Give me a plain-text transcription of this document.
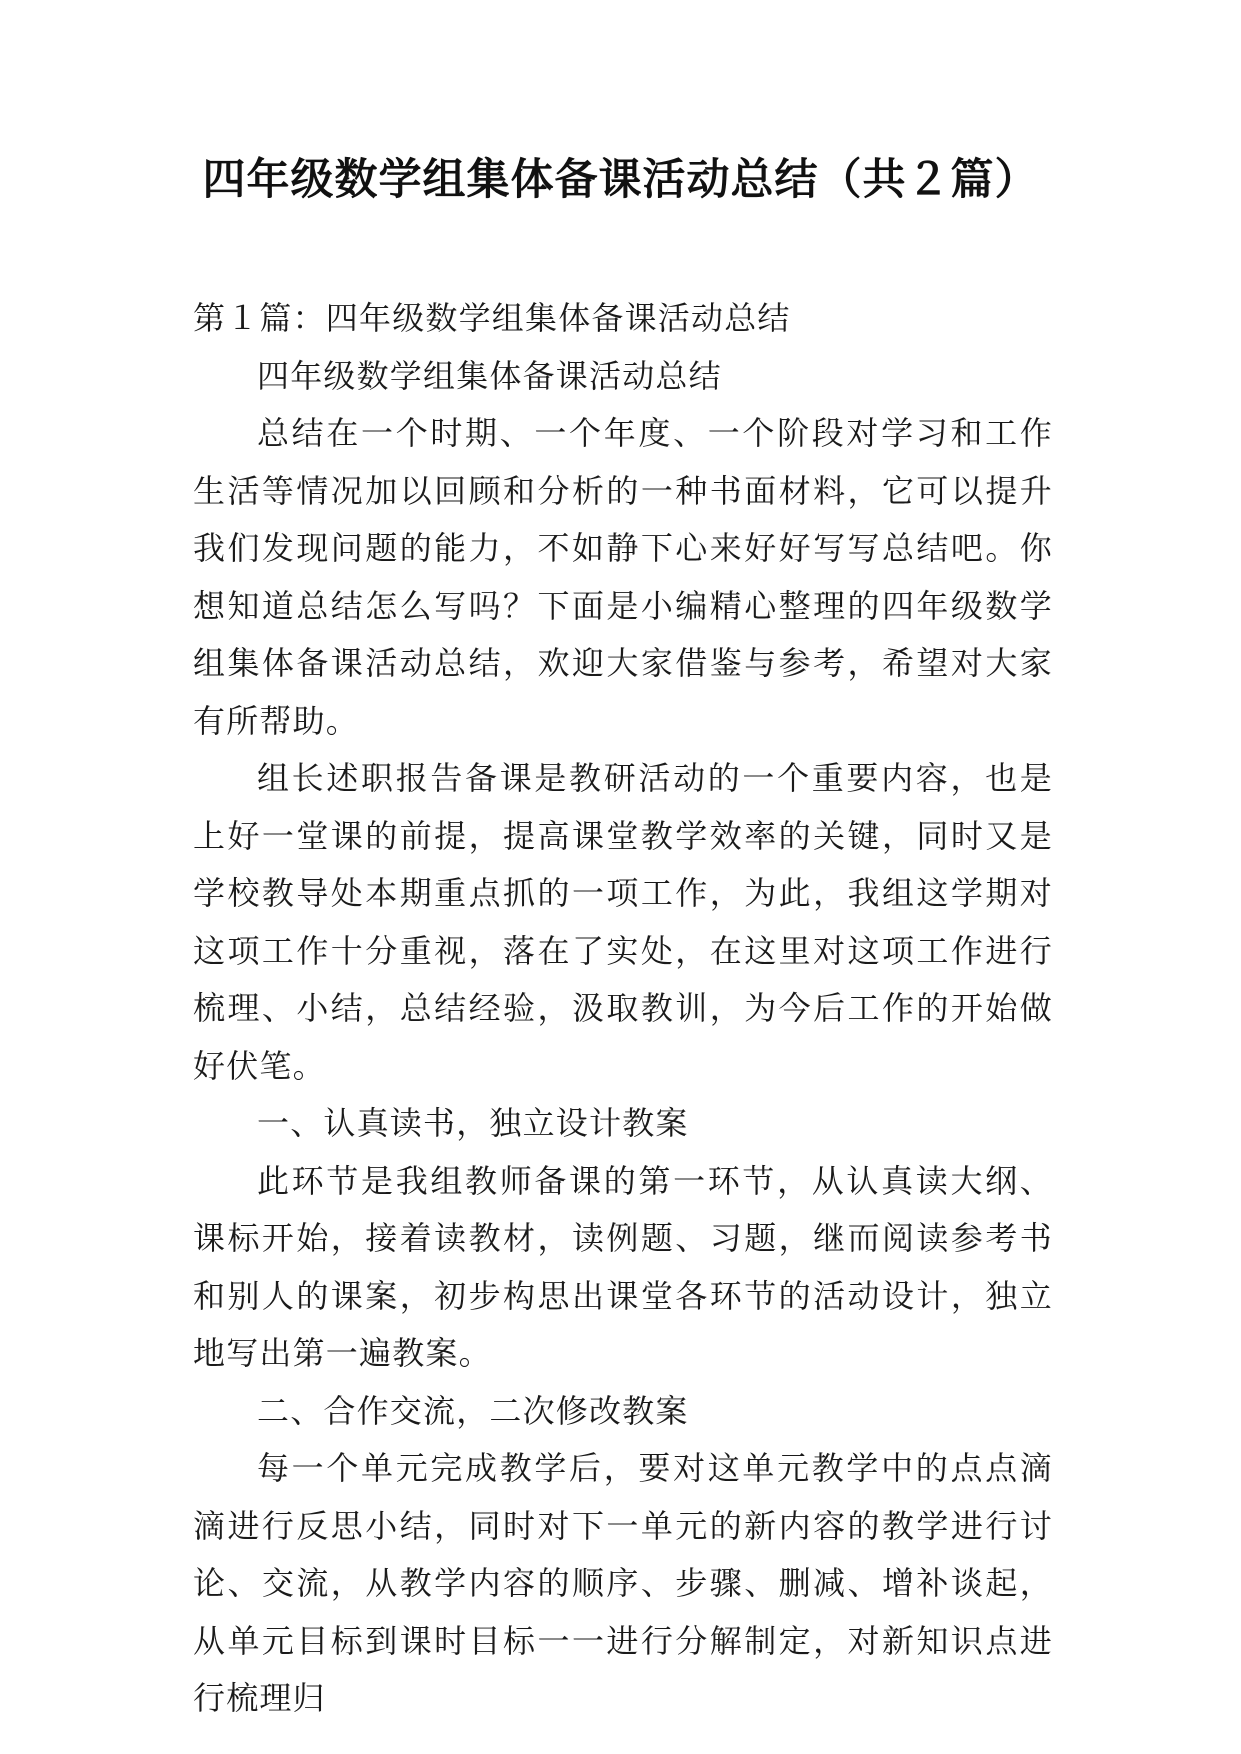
四年级数学组集体备课活动总结（共２篇）

第１篇：四年级数学组集体备课活动总结

四年级数学组集体备课活动总结

总结在一个时期、一个年度、一个阶段对学习和工作生活等情况加以回顾和分析的一种书面材料，它可以提升我们发现问题的能力，不如静下心来好好写写总结吧。你想知道总结怎么写吗？下面是小编精心整理的四年级数学组集体备课活动总结，欢迎大家借鉴与参考，希望对大家有所帮助。

组长述职报告备课是教研活动的一个重要内容，也是上好一堂课的前提，提高课堂教学效率的关键，同时又是学校教导处本期重点抓的一项工作，为此，我组这学期对这项工作十分重视，落在了实处，在这里对这项工作进行梳理、小结，总结经验，汲取教训，为今后工作的开始做好伏笔。

一、认真读书，独立设计教案

此环节是我组教师备课的第一环节，从认真读大纲、课标开始，接着读教材，读例题、习题，继而阅读参考书和别人的课案，初步构思出课堂各环节的活动设计，独立地写出第一遍教案。

二、合作交流，二次修改教案

每一个单元完成教学后，要对这单元教学中的点点滴滴进行反思小结，同时对下一单元的新内容的教学进行讨论、交流，从教学内容的顺序、步骤、删减、增补谈起，从单元目标到课时目标一一进行分解制定，对新知识点进行梳理归
